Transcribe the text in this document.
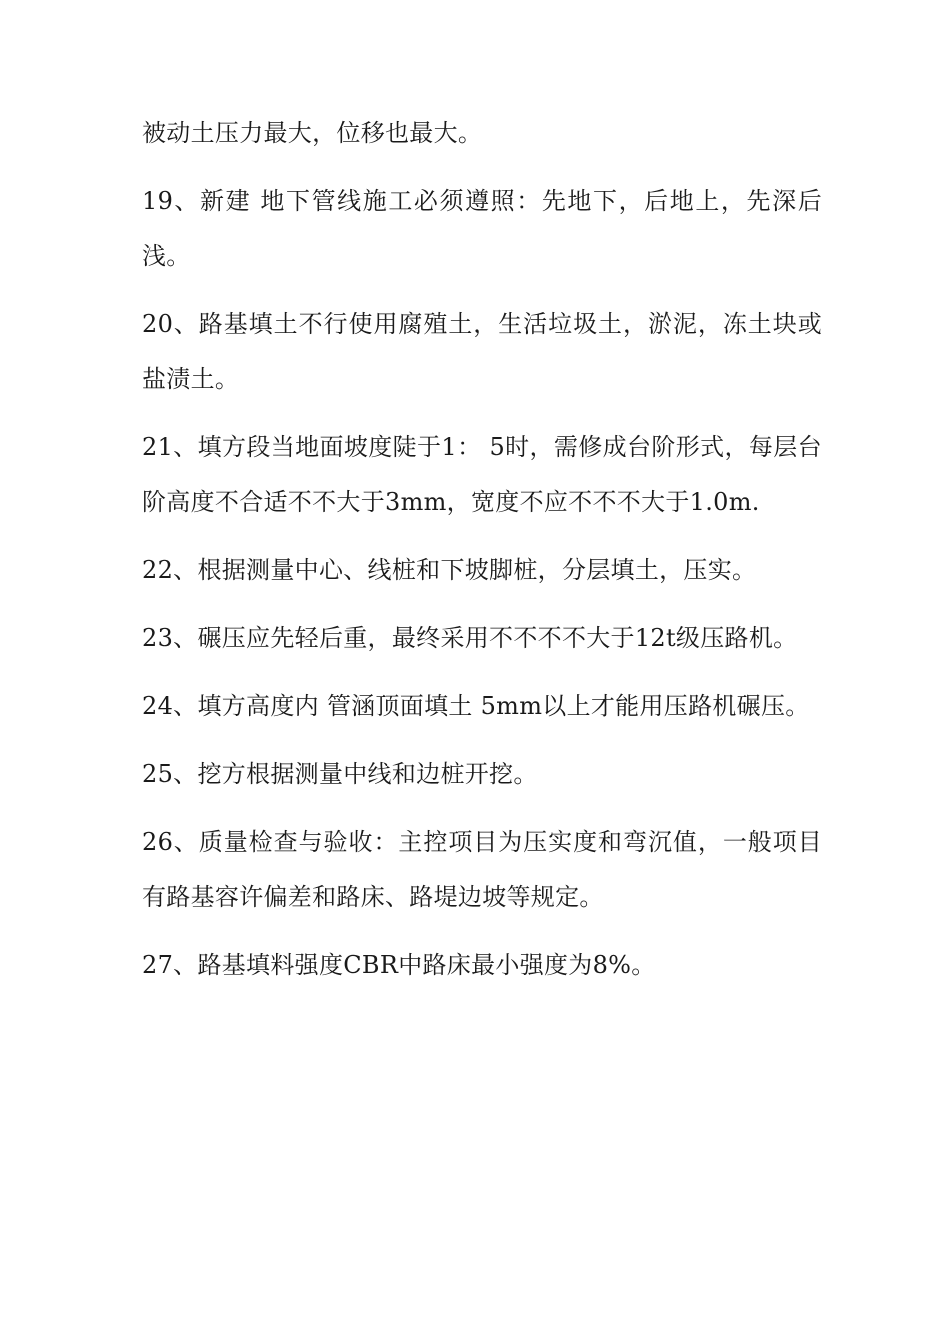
被动土压力最大，位移也最大。

19、新建 地下管线施工必须遵照：先地下，后地上，先深后浅。

20、路基填土不行使用腐殖土，生活垃圾土，淤泥，冻土块或盐渍土。

21、填方段当地面坡度陡于1： 5时，需修成台阶形式，每层台阶高度不合适不不大于3mm，宽度不应不不不大于1.0m.

22、根据测量中心、线桩和下坡脚桩，分层填土，压实。

23、碾压应先轻后重，最终采用不不不不大于12t级压路机。

24、填方高度内 管涵顶面填土 5mm以上才能用压路机碾压。

25、挖方根据测量中线和边桩开挖。

26、质量检查与验收：主控项目为压实度和弯沉值，一般项目有路基容许偏差和路床、路堤边坡等规定。

27、路基填料强度CBR中路床最小强度为8%。
